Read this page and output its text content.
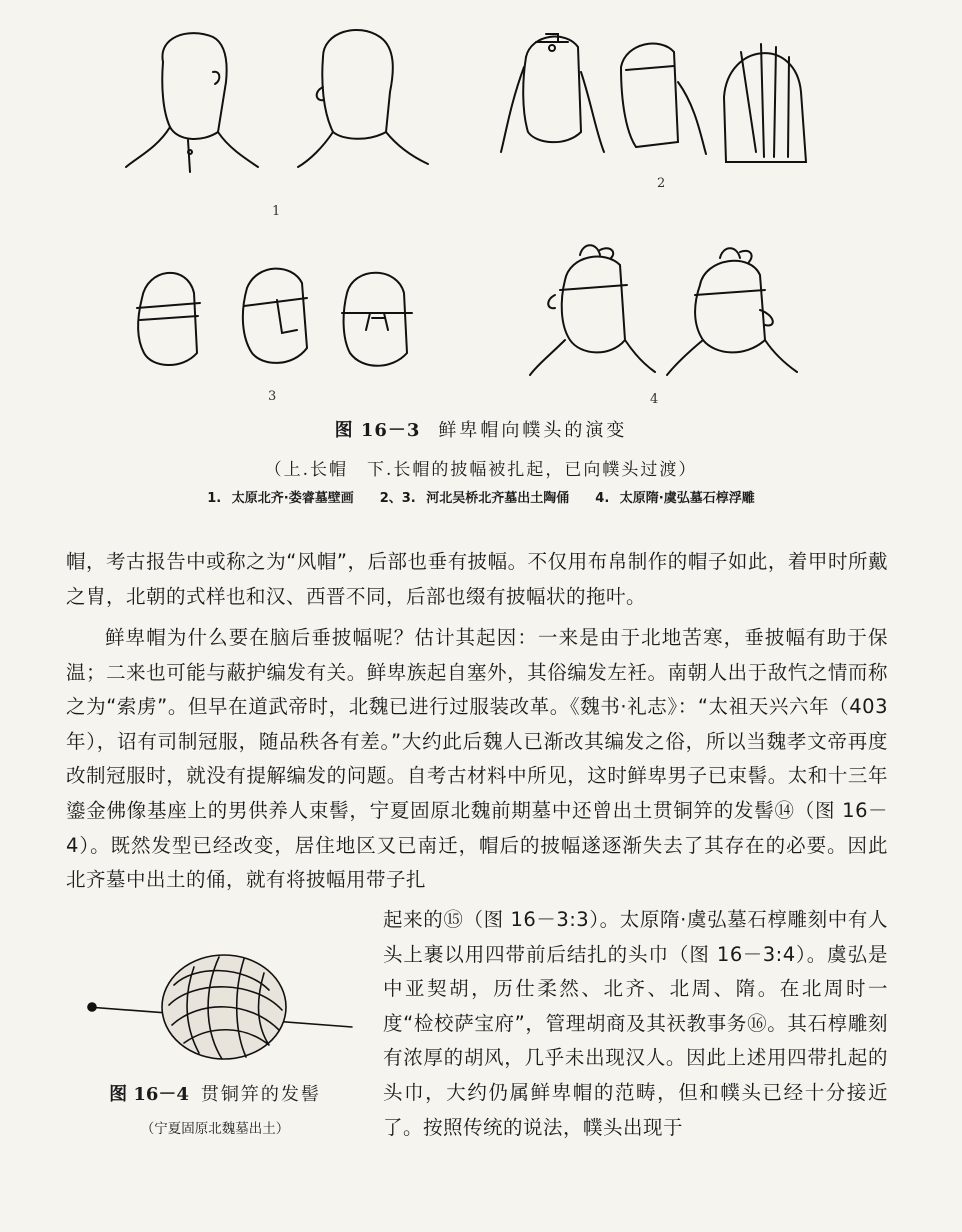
1
2
3	4
图 16－3 鲜卑帽向幞头的演变
（上.长帽　下.长帽的披幅被扎起，已向幞头过渡）
1. 太原北齐·娄睿墓壁画　　2、3. 河北吴桥北齐墓出土陶俑　　4. 太原隋·虞弘墓石椁浮雕

帽，考古报告中或称之为“风帽”，后部也垂有披幅。不仅用布帛制作的帽子如此，着甲时所戴之胄，北朝的式样也和汉、西晋不同，后部也缀有披幅状的拖叶。

鲜卑帽为什么要在脑后垂披幅呢？估计其起因：一来是由于北地苦寒，垂披幅有助于保温；二来也可能与蔽护编发有关。鲜卑族起自塞外，其俗编发左衽。南朝人出于敌忾之情而称之为“索虏”。但早在道武帝时，北魏已进行过服装改革。《魏书·礼志》：“太祖天兴六年（403 年），诏有司制冠服，随品秩各有差。”大约此后魏人已渐改其编发之俗，所以当魏孝文帝再度改制冠服时，就没有提解编发的问题。自考古材料中所见，这时鲜卑男子已束髻。太和十三年鎏金佛像基座上的男供养人束髻，宁夏固原北魏前期墓中还曾出土贯铜笄的发髻⑭（图 16－4）。既然发型已经改变，居住地区又已南迁，帽后的披幅遂逐渐失去了其存在的必要。因此北齐墓中出土的俑，就有将披幅用带子扎

起来的⑮（图 16－3:3）。太原隋·虞弘墓石椁雕刻中有人头上裹以用四带前后结扎的头巾（图 16－3:4）。虞弘是中亚契胡，历仕柔然、北齐、北周、隋。在北周时一度“检校萨宝府”，管理胡商及其祆教事务⑯。其石椁雕刻有浓厚的胡风，几乎未出现汉人。因此上述用四带扎起的头巾，大约仍属鲜卑帽的范畴，但和幞头已经十分接近了。按照传统的说法，幞头出现于

图 16－4 贯铜笄的发髻
（宁夏固原北魏墓出土）
